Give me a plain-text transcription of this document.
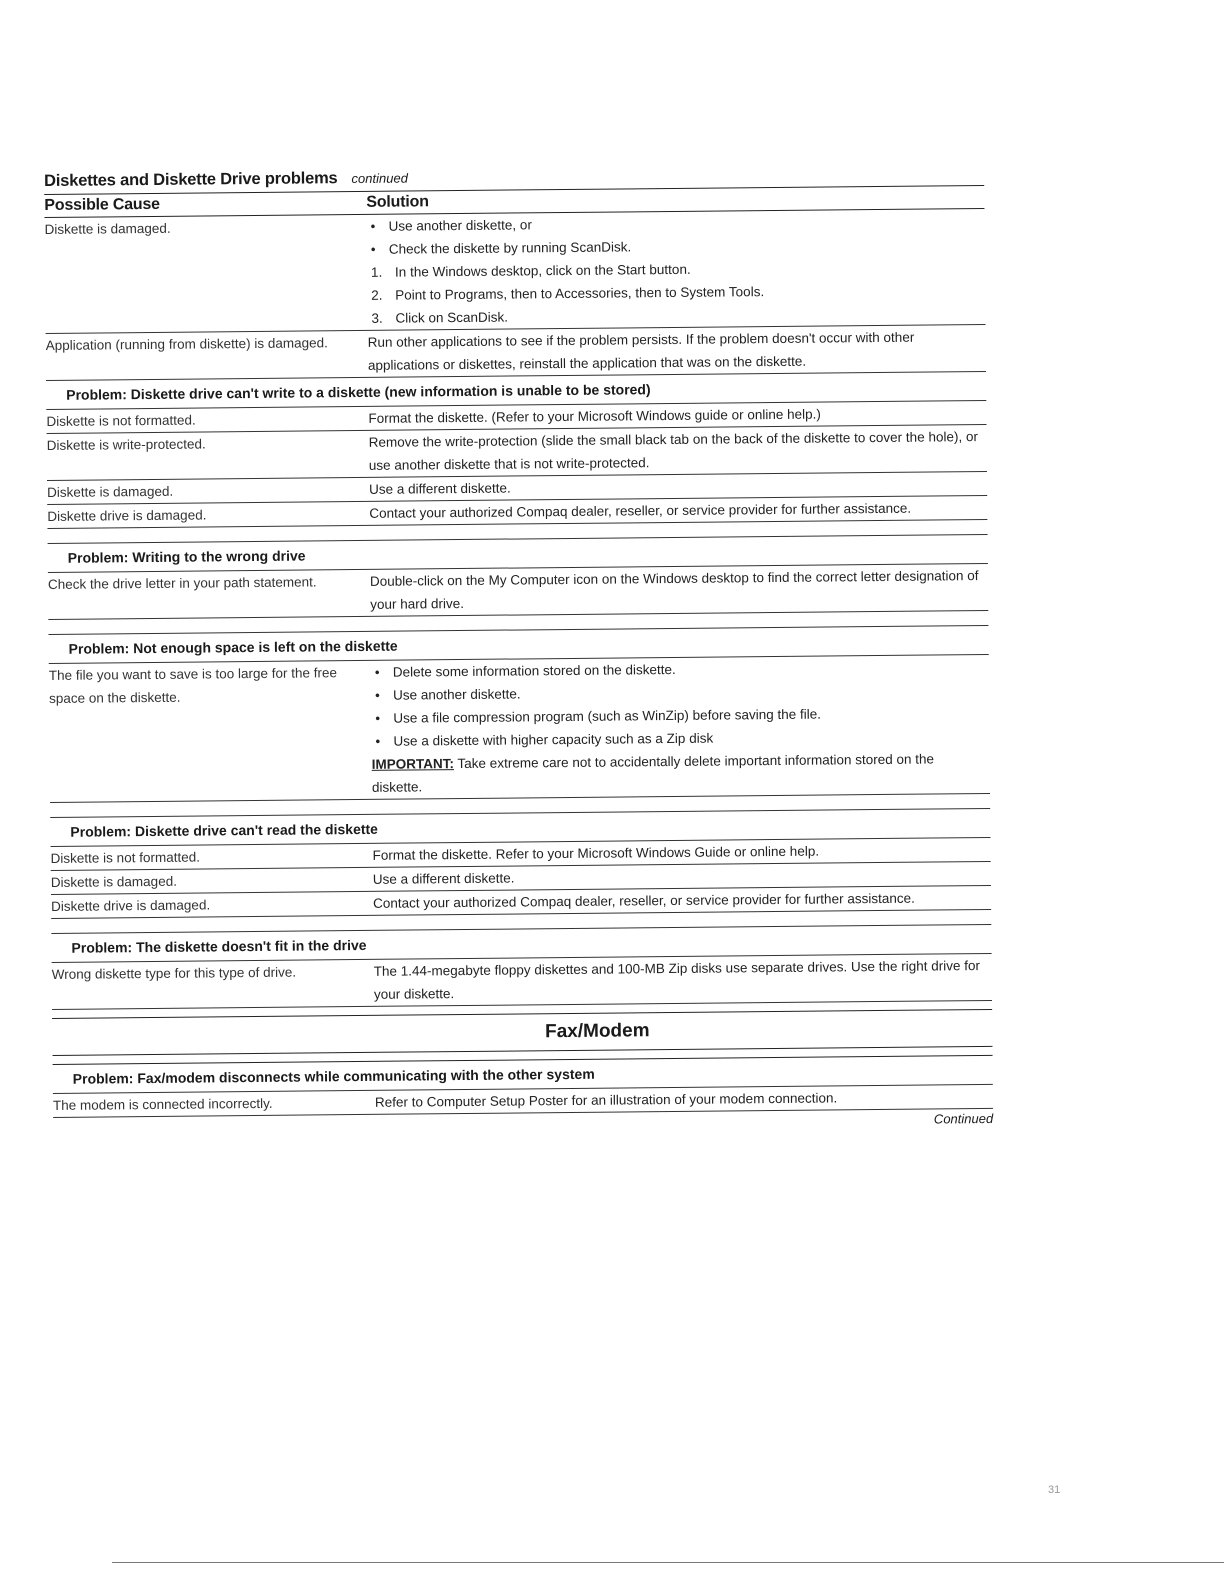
Diskettes and Diskette Drive problems continued
Possible Cause	Solution
Diskette is damaged.
•	Use another diskette, or
• Check the diskette by running ScanDisk.
1. In the Windows desktop, click on the Start button.
2. Point to Programs, then to Accessories, then to System Tools.
3. Click on ScanDisk.
Application (running from diskette) is damaged.	Run other applications to see if the problem persists. If the problem doesn't occur with other applications or diskettes, reinstall the application that was on the diskette.
Problem: Diskette drive can't write to a diskette (new information is unable to be stored)
Diskette is not formatted.	Format the diskette. (Refer to your Microsoft Windows guide or online help.)
Diskette is write-protected.	Remove the write-protection (slide the small black tab on the back of the diskette to cover the hole), or use another diskette that is not write-protected.
Diskette is damaged.	Use a different diskette.
Diskette drive is damaged.	Contact your authorized Compaq dealer, reseller, or service provider for further assistance.
Problem: Writing to the wrong drive
Check the drive letter in your path statement.	Double-click on the My Computer icon on the Windows desktop to find the correct letter designation of your hard drive.
Problem: Not enough space is left on the diskette
The file you want to save is too large for the free space on the diskette.
• Delete some information stored on the diskette.
• Use another diskette.
• Use a file compression program (such as WinZip) before saving the file.
• Use a diskette with higher capacity such as a Zip disk
IMPORTANT: Take extreme care not to accidentally delete important information stored on the diskette.
Problem: Diskette drive can't read the diskette
Diskette is not formatted.	Format the diskette. Refer to your Microsoft Windows Guide or online help.
Diskette is damaged.	Use a different diskette.
Diskette drive is damaged.	Contact your authorized Compaq dealer, reseller, or service provider for further assistance.
Problem: The diskette doesn't fit in the drive
Wrong diskette type for this type of drive.	The 1.44-megabyte floppy diskettes and 100-MB Zip disks use separate drives. Use the right drive for your diskette.
Fax/Modem
Problem: Fax/modem disconnects while communicating with the other system
The modem is connected incorrectly.	Refer to Computer Setup Poster for an illustration of your modem connection.
Continued
31
